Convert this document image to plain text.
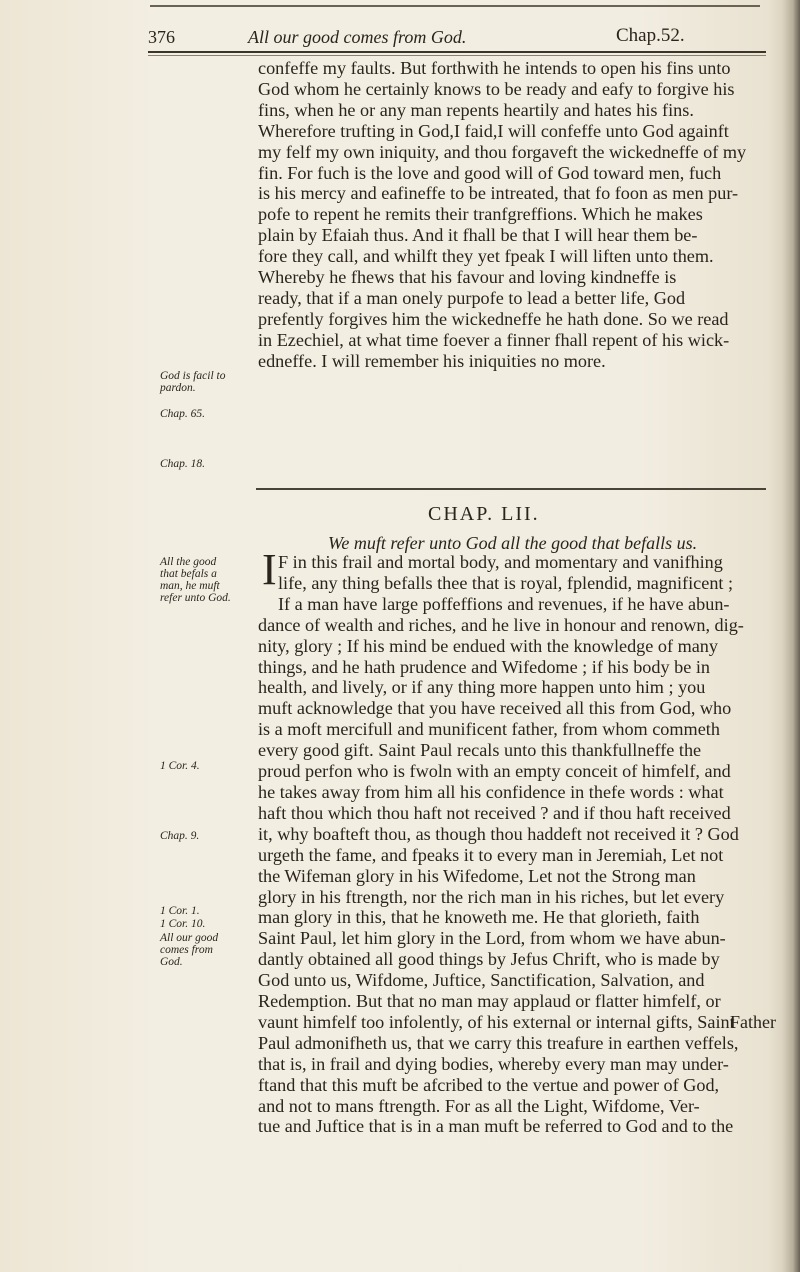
376	All our good comes from God.	Chap.52.
confeffe my faults. But forthwith he intends to open his fins unto
God whom he certainly knows to be ready and eafy to forgive his
fins, when he or any man repents heartily and hates his fins.
Wherefore trufting in God,I faid,I will confeffe unto God againft
my felf my own iniquity, and thou forgaveft the wickedneffe of my
fin. For fuch is the love and good will of God toward men, fuch
is his mercy and eafineffe to be intreated, that fo foon as men pur-
pofe to repent he remits their tranfgreffions. Which he makes
plain by Efaiah thus. And it fhall be that I will hear them be-
fore they call, and whilft they yet fpeak I will liften unto them.
Whereby he fhews that his favour and loving kindneffe is
ready, that if a man onely purpofe to lead a better life, God
prefently forgives him the wickedneffe he hath done. So we read
in Ezechiel, at what time foever a finner fhall repent of his wick-
edneffe. I will remember his iniquities no more.
God is facil to
pardon.
Chap. 65.
Chap. 18.
CHAP. LII.
We muft refer unto God all the good that befalls us.
All the good
that befals a
man, he muft
refer unto God.
I F in this frail and mortal body, and momentary and vanifhing
life, any thing befalls thee that is royal, fplendid, magnificent ;
If a man have large poffeffions and revenues, if he have abun-
dance of wealth and riches, and he live in honour and renown, dig-
nity, glory ; If his mind be endued with the knowledge of many
things, and he hath prudence and Wifedome ; if his body be in
health, and lively, or if any thing more happen unto him ; you
muft acknowledge that you have received all this from God, who
is a moft mercifull and munificent father, from whom commeth
every good gift. Saint Paul recals unto this thankfullneffe the
proud perfon who is fwoln with an empty conceit of himfelf, and
he takes away from him all his confidence in thefe words : what
haft thou which thou haft not received ? and if thou haft received
it, why boafteft thou, as though thou haddeft not received it ? God
urgeth the fame, and fpeaks it to every man in Jeremiah, Let not
the Wifeman glory in his Wifedome, Let not the Strong man
glory in his ftrength, nor the rich man in his riches, but let every
man glory in this, that he knoweth me. He that glorieth, faith
Saint Paul, let him glory in the Lord, from whom we have abun-
dantly obtained all good things by Jefus Chrift, who is made by
God unto us, Wifdome, Juftice, Sanctification, Salvation, and
Redemption. But that no man may applaud or flatter himfelf, or
vaunt himfelf too infolently, of his external or internal gifts, Saint
Paul admonifheth us, that we carry this treafure in earthen veffels,
that is, in frail and dying bodies, whereby every man may under-
ftand that this muft be afcribed to the vertue and power of God,
and not to mans ftrength. For as all the Light, Wifdome, Ver-
tue and Juftice that is in a man muft be referred to God and to the
Father
1 Cor. 4.
Chap. 9.
1 Cor. 1.
1 Cor. 10.
All our good
comes from
God.
